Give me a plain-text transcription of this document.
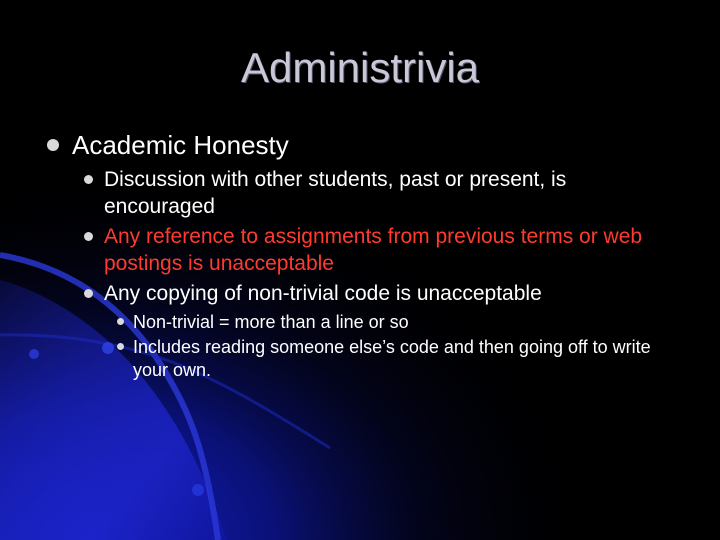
Administrivia

Academic Honesty

Discussion with other students, past or present, is encouraged

Any reference to assignments from previous terms or web postings is unacceptable

Any copying of non-trivial code is unacceptable

Non-trivial = more than a line or so

Includes reading someone else’s code and then going off to write your own.
